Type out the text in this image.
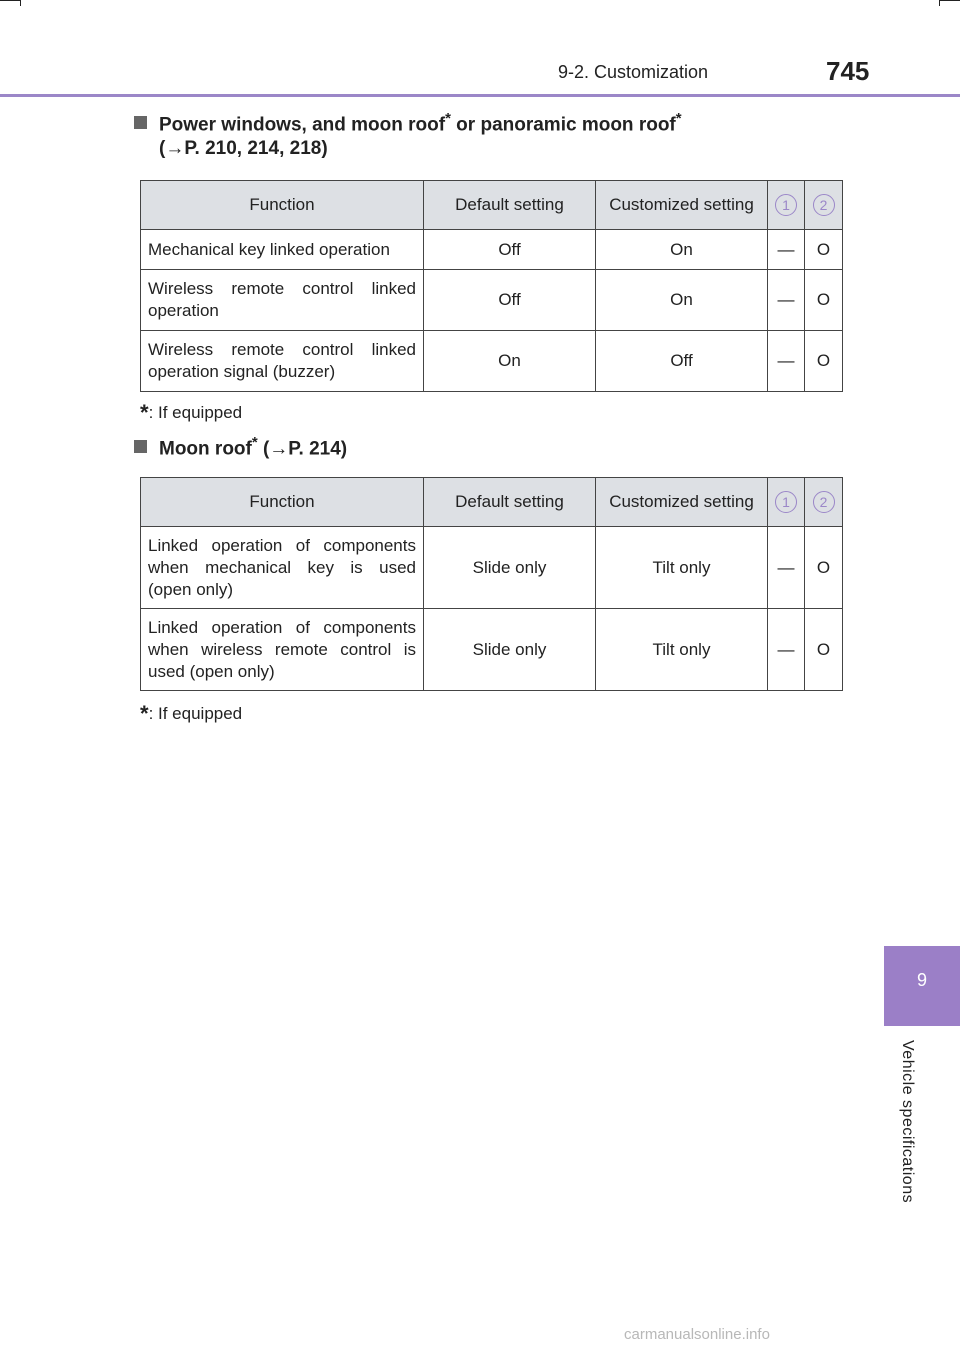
9-2. Customization	745
Power windows, and moon roof* or panoramic moon roof*
(→P. 210, 214, 218)
Function	Default setting	Customized setting	1	2
Mechanical key linked operation	Off	On	—	O
Wireless remote control linked operation	Off	On	—	O
Wireless remote control linked operation signal (buzzer)	On	Off	—	O
*: If equipped
Moon roof* (→P. 214)
Function	Default setting	Customized setting	1	2
Linked operation of components when mechanical key is used (open only)	Slide only	Tilt only	—	O
Linked operation of components when wireless remote control is used (open only)	Slide only	Tilt only	—	O
*: If equipped
9
Vehicle specifications
carmanualsonline.info
